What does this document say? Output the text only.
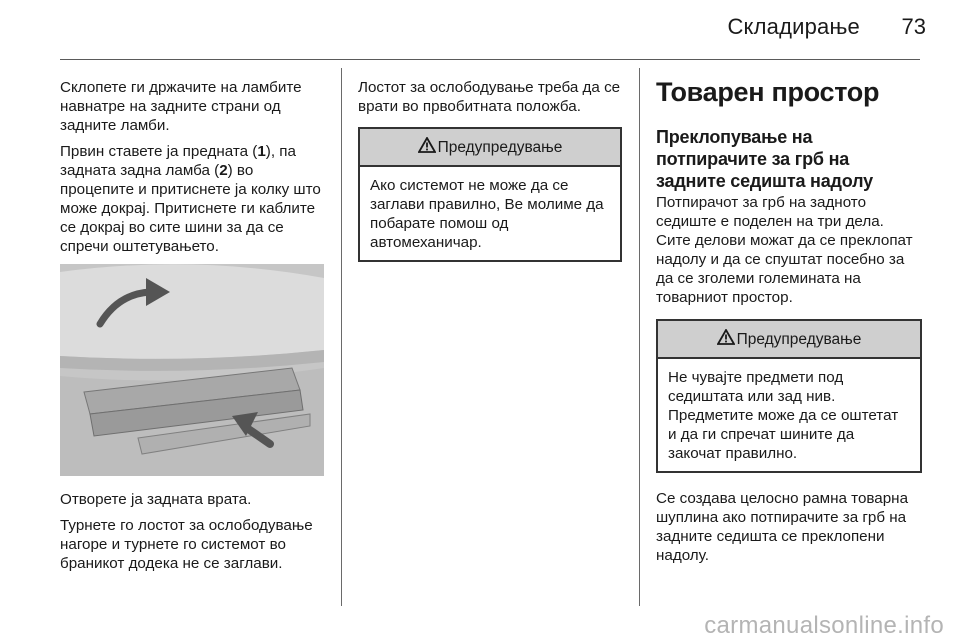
Складирање	73

Склопете ги држачите на ламбите навнатре на задните страни од задните ламби.

Првин ставете ја предната (1), па задната задна ламба (2) во процепите и притиснете ја колку што може докрај. Притиснете ги каблите се докрај во сите шини за да се спречи оштетувањето.

Отворете ја задната врата.

Турнете го лостот за ослободување нагоре и турнете го системот во браникот додека не се заглави.

Лостот за ослободување треба да се врати во првобитната положба.

Предупредување

Ако системот не може да се заглави правилно, Ве молиме да побарате помош од автомеханичар.

Товарен простор
Преклопување на потпирачите за грб на задните седишта надолу

Потпирачот за грб на задното седиште е поделен на три дела. Сите делови можат да се преклопат надолу и да се спуштат посебно за да се зголеми големината на товарниот простор.

Предупредување

Не чувајте предмети под седиштата или зад нив. Предметите може да се оштетат и да ги спречат шините да закочат правилно.

Се создава целосно рамна товарна шуплина ако потпирачите за грб на задните седишта се преклопени надолу.

carmanualsonline.info
